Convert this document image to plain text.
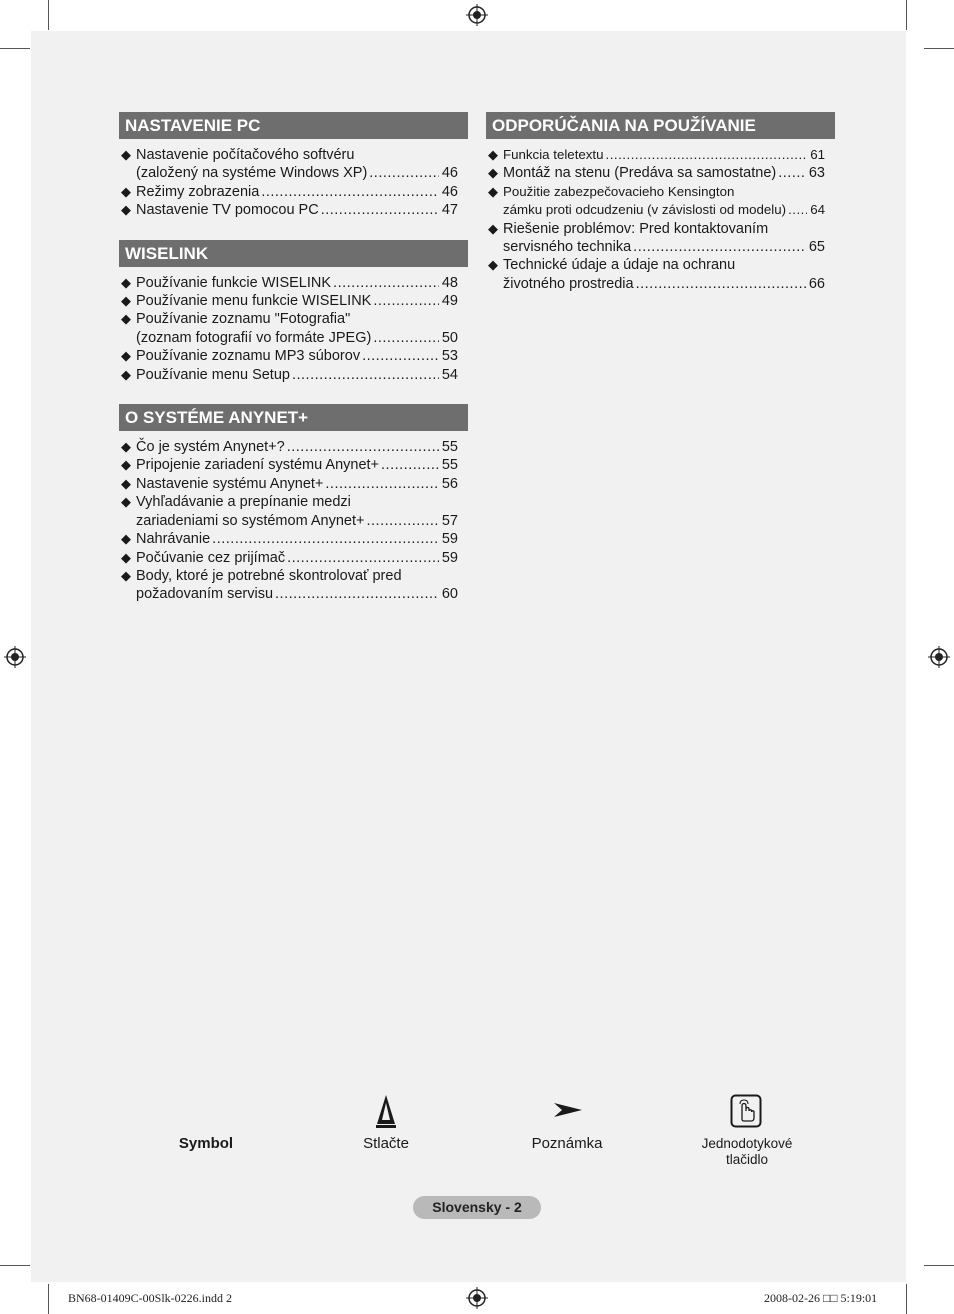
NASTAVENIE PC
◆ Nastavenie počítačového softvéru
(založený na systéme Windows XP) .....	46
◆ Režimy zobrazenia .....	46
◆ Nastavenie TV pomocou PC .....	47
WISELINK
◆ Používanie funkcie WISELINK .....	48
◆ Používanie menu funkcie WISELINK .....	49
◆ Používanie zoznamu "Fotografia"
(zoznam fotografií vo formáte JPEG) .....	50
◆ Používanie zoznamu MP3 súborov .....	53
◆ Používanie menu Setup .....	54
O SYSTÉME ANYNET+
◆ Čo je systém Anynet+? .....	55
◆ Pripojenie zariadení systému Anynet+ .....	55
◆ Nastavenie systému Anynet+ .....	56
◆ Vyhľadávanie a prepínanie medzi
zariadeniami so systémom Anynet+ .....	57
◆ Nahrávanie .....	59
◆ Počúvanie cez prijímač .....	59
◆ Body, ktoré je potrebné skontrolovať pred
požadovaním servisu .....	60
ODPORÚČANIA NA POUŽÍVANIE
◆ Funkcia teletextu .....	61
◆ Montáž na stenu (Predáva sa samostatne) ..... 63
◆ Použitie zabezpečovacieho Kensington
zámku proti odcudzeniu (v závislosti od modelu) ..... 64
◆ Riešenie problémov: Pred kontaktovaním
servisného technika .....	65
◆ Technické údaje a údaje na ochranu
životného prostredia .....	66
Symbol	Stlačte	Poznámka	Jednodotykové
tlačidlo
Slovensky - 2
BN68-01409C-00Slk-0226.indd 2	2008-02-26 □□ 5:19:01
